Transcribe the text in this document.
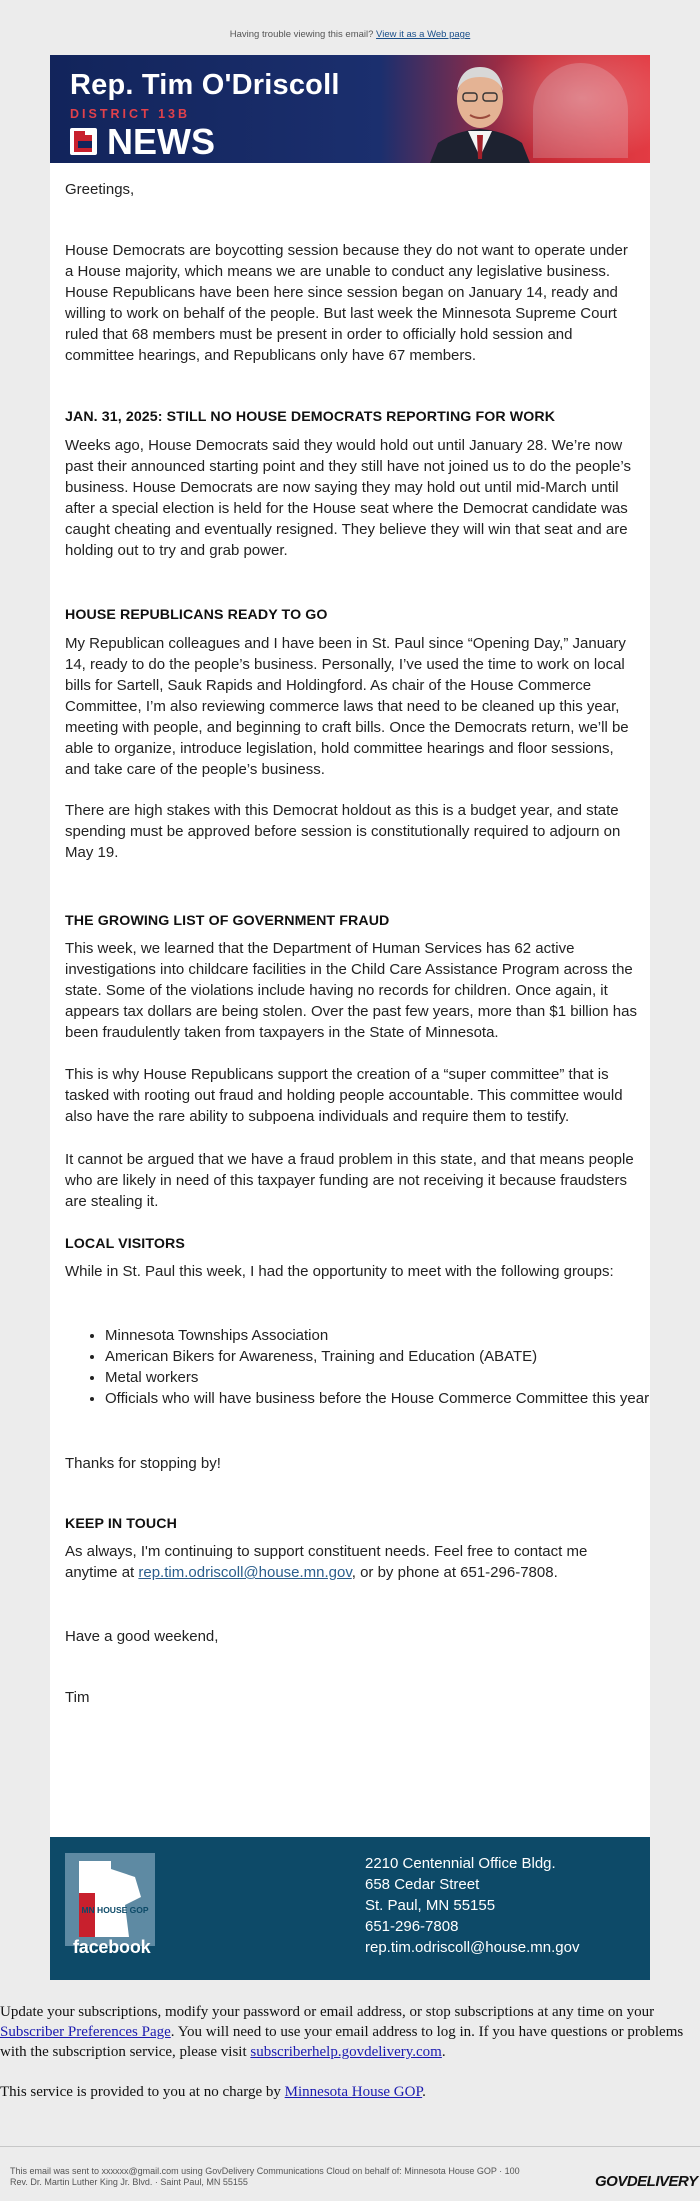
Having trouble viewing this email? View it as a Web page
Rep. Tim O'Driscoll
DISTRICT 13B
NEWS

Greetings,

House Democrats are boycotting session because they do not want to operate under a House majority, which means we are unable to conduct any legislative business. House Republicans have been here since session began on January 14, ready and willing to work on behalf of the people. But last week the Minnesota Supreme Court ruled that 68 members must be present in order to officially hold session and committee hearings, and Republicans only have 67 members.

JAN. 31, 2025: STILL NO HOUSE DEMOCRATS REPORTING FOR WORK

Weeks ago, House Democrats said they would hold out until January 28. We’re now past their announced starting point and they still have not joined us to do the people’s business. House Democrats are now saying they may hold out until mid-March until after a special election is held for the House seat where the Democrat candidate was caught cheating and eventually resigned. They believe they will win that seat and are holding out to try and grab power.

HOUSE REPUBLICANS READY TO GO

My Republican colleagues and I have been in St. Paul since “Opening Day,” January 14, ready to do the people’s business. Personally, I’ve used the time to work on local bills for Sartell, Sauk Rapids and Holdingford. As chair of the House Commerce Committee, I’m also reviewing commerce laws that need to be cleaned up this year, meeting with people, and beginning to craft bills. Once the Democrats return, we’ll be able to organize, introduce legislation, hold committee hearings and floor sessions, and take care of the people’s business.

There are high stakes with this Democrat holdout as this is a budget year, and state spending must be approved before session is constitutionally required to adjourn on May 19.

THE GROWING LIST OF GOVERNMENT FRAUD

This week, we learned that the Department of Human Services has 62 active investigations into childcare facilities in the Child Care Assistance Program across the state. Some of the violations include having no records for children. Once again, it appears tax dollars are being stolen. Over the past few years, more than $1 billion has been fraudulently taken from taxpayers in the State of Minnesota.

This is why House Republicans support the creation of a “super committee” that is tasked with rooting out fraud and holding people accountable. This committee would also have the rare ability to subpoena individuals and require them to testify.

It cannot be argued that we have a fraud problem in this state, and that means people who are likely in need of this taxpayer funding are not receiving it because fraudsters are stealing it.

LOCAL VISITORS

While in St. Paul this week, I had the opportunity to meet with the following groups:

• Minnesota Townships Association
• American Bikers for Awareness, Training and Education (ABATE)
• Metal workers
• Officials who will have business before the House Commerce Committee this year

Thanks for stopping by!

KEEP IN TOUCH

As always, I'm continuing to support constituent needs. Feel free to contact me anytime at rep.tim.odriscoll@house.mn.gov, or by phone at 651-296-7808.

Have a good weekend,

Tim

MN HOUSE GOP
facebook
2210 Centennial Office Bldg.
658 Cedar Street
St. Paul, MN 55155
651-296-7808
rep.tim.odriscoll@house.mn.gov

Update your subscriptions, modify your password or email address, or stop subscriptions at any time on your Subscriber Preferences Page. You will need to use your email address to log in. If you have questions or problems with the subscription service, please visit subscriberhelp.govdelivery.com.

This service is provided to you at no charge by Minnesota House GOP.

This email was sent to xxxxxx@gmail.com using GovDelivery Communications Cloud on behalf of: Minnesota House GOP · 100
Rev. Dr. Martin Luther King Jr. Blvd. · Saint Paul, MN 55155	GOVDELIVERY
